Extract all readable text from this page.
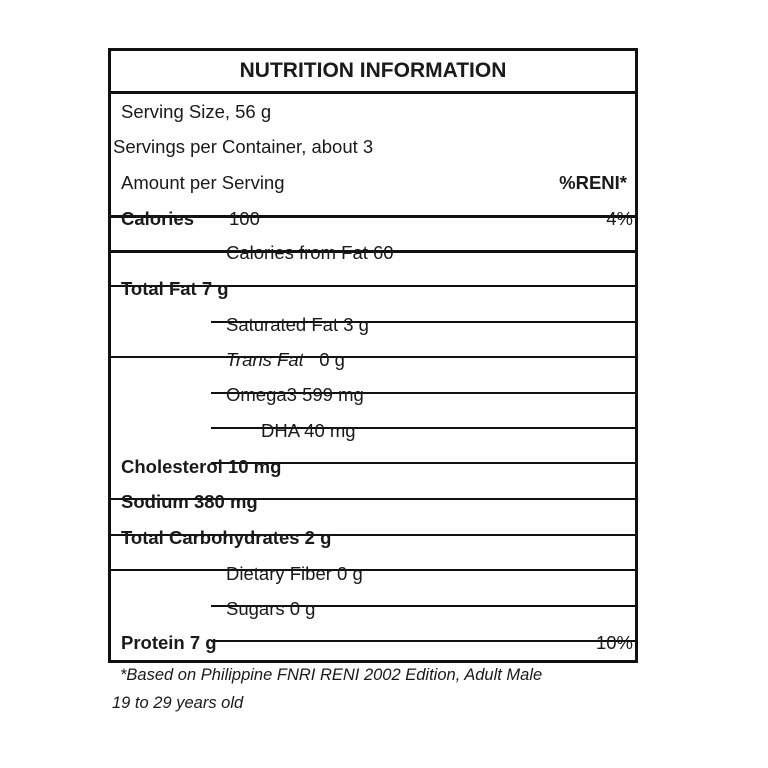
NUTRITION INFORMATION
Serving Size, 56 g
Servings per Container, about 3
Amount per Serving	%RENI*
Calories 100	4%
Calories from Fat 60
Total Fat 7 g
Saturated Fat 3 g
Trans Fat 0 g
Omega3 599 mg
DHA 40 mg
Cholesterol 10 mg
Sodium 380 mg
Total Carbohydrates 2 g
Dietary Fiber 0 g
Sugars 0 g
Protein 7 g	10%
*Based on Philippine FNRI RENI 2002 Edition, Adult Male
19 to 29 years old
